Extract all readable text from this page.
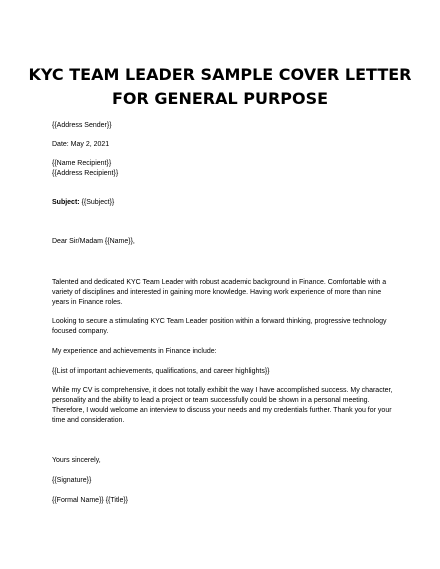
KYC TEAM LEADER SAMPLE COVER LETTER
FOR GENERAL PURPOSE

{{Address Sender}}

Date: May 2, 2021

{{Name Recipient}}

{{Address Recipient}}

Subject: {{Subject}}

Dear Sir/Madam {{Name}},

Talented and dedicated KYC Team Leader with robust academic background in Finance. Comfortable with a variety of disciplines and interested in gaining more knowledge. Having work experience of more than nine years in Finance roles.

Looking to secure a stimulating KYC Team Leader position within a forward thinking, progressive technology focused company.

My experience and achievements in Finance include:

{{List of important achievements, qualifications, and career highlights}}

While my CV is comprehensive, it does not totally exhibit the way I have accomplished success. My character, personality and the ability to lead a project or team successfully could be shown in a personal meeting. Therefore, I would welcome an interview to discuss your needs and my credentials further. Thank you for your time and consideration.

Yours sincerely,

{{Signature}}

{{Formal Name}} {{Title}}
